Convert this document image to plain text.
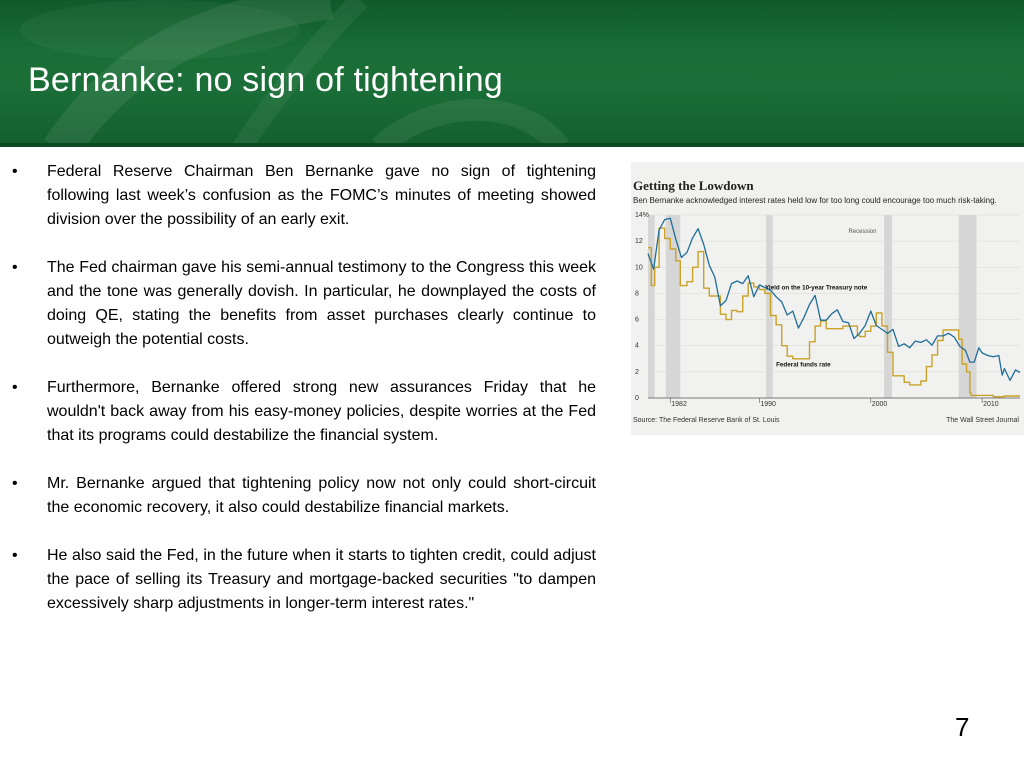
Bernanke: no sign of tightening
• Federal Reserve Chairman Ben Bernanke gave no sign of tightening following last week’s confusion as the FOMC’s minutes of meeting showed division over the possibility of an early exit.
• The Fed chairman gave his semi-annual testimony to the Congress this week and the tone was generally dovish. In particular, he downplayed the costs of doing QE, stating the benefits from asset purchases clearly continue to outweigh the potential costs.
• Furthermore, Bernanke offered strong new assurances Friday that he wouldn't back away from his easy-money policies, despite worries at the Fed that its programs could destabilize the financial system.
• Mr. Bernanke argued that tightening policy now not only could short-circuit the economic recovery, it also could destabilize financial markets.
• He also said the Fed, in the future when it starts to tighten credit, could adjust the pace of selling its Treasury and mortgage-backed securities "to dampen excessively sharp adjustments in longer-term interest rates."
Getting the Lowdown
Ben Bernanke acknowledged interest rates held low for too long could encourage too much risk-taking.
Recession
0
2
4
6
8
10
12
14%
1982	1990	2000	2010
Yield on the 10-year Treasury note
Federal funds rate
Source: The Federal Reserve Bank of St. Louis	The Wall Street Journal
7
